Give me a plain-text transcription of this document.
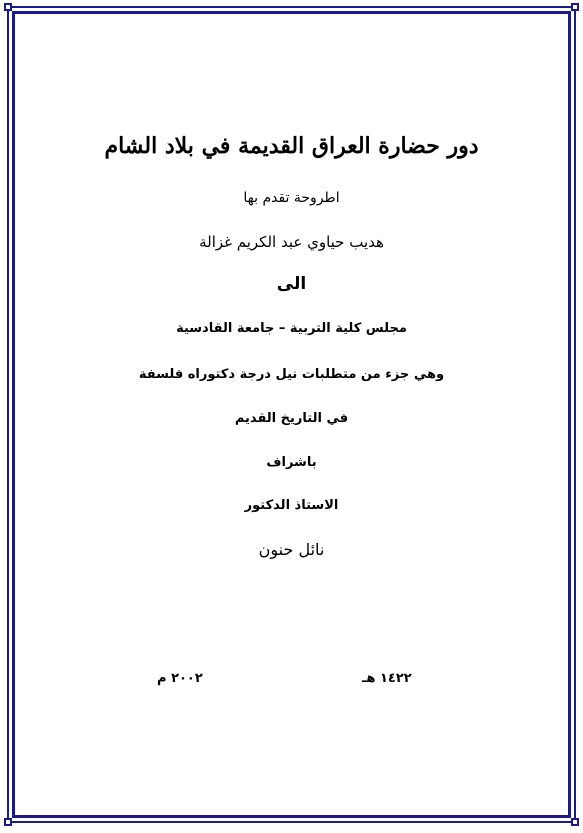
دور حضارة العراق القديمة في بلاد الشام
اطروحة تقدم بها
هديب حياوي عبد الكريم غزالة
الى
مجلس كلية التربية – جامعة القادسية
وهي جزء من متطلبات نيل درجة دكتوراه فلسفة
في التاريخ القديم
باشراف
الاستاذ الدكتور
نائل حنون
١٤٢٢ هـ
٢٠٠٢ م
